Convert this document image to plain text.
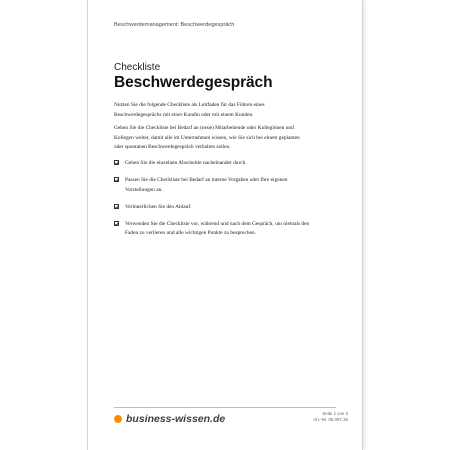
Beschwerdemanagement: Beschwerdegespräch
Checkliste
Beschwerdegespräch

Nutzen Sie die folgende Checkliste als Leitfaden für das Führen eines Beschwerdegesprächs mit einer Kundin oder mit einem Kunden.

Geben Sie die Checkliste bei Bedarf an (neue) Mitarbeitende oder Kolleginnen und Kollegen weiter, damit alle im Unternehmen wissen, wie Sie sich bei einem geplanten oder spontanen Beschwerdegespräch verhalten sollen.

Gehen Sie die einzelnen Abschnitte nacheinander durch.
Passen Sie die Checkliste bei Bedarf an interne Vorgaben oder Ihre eigenen Vorstellungen an.
Verinnerlichen Sie den Ablauf.
Verwenden Sie die Checkliste vor, während und nach dem Gespräch, um niemals den Faden zu verlieren und alle wichtigen Punkte zu besprechen.
business-wissen.de	Seite 1 von 3
Art.-Nr. 06.097.26
